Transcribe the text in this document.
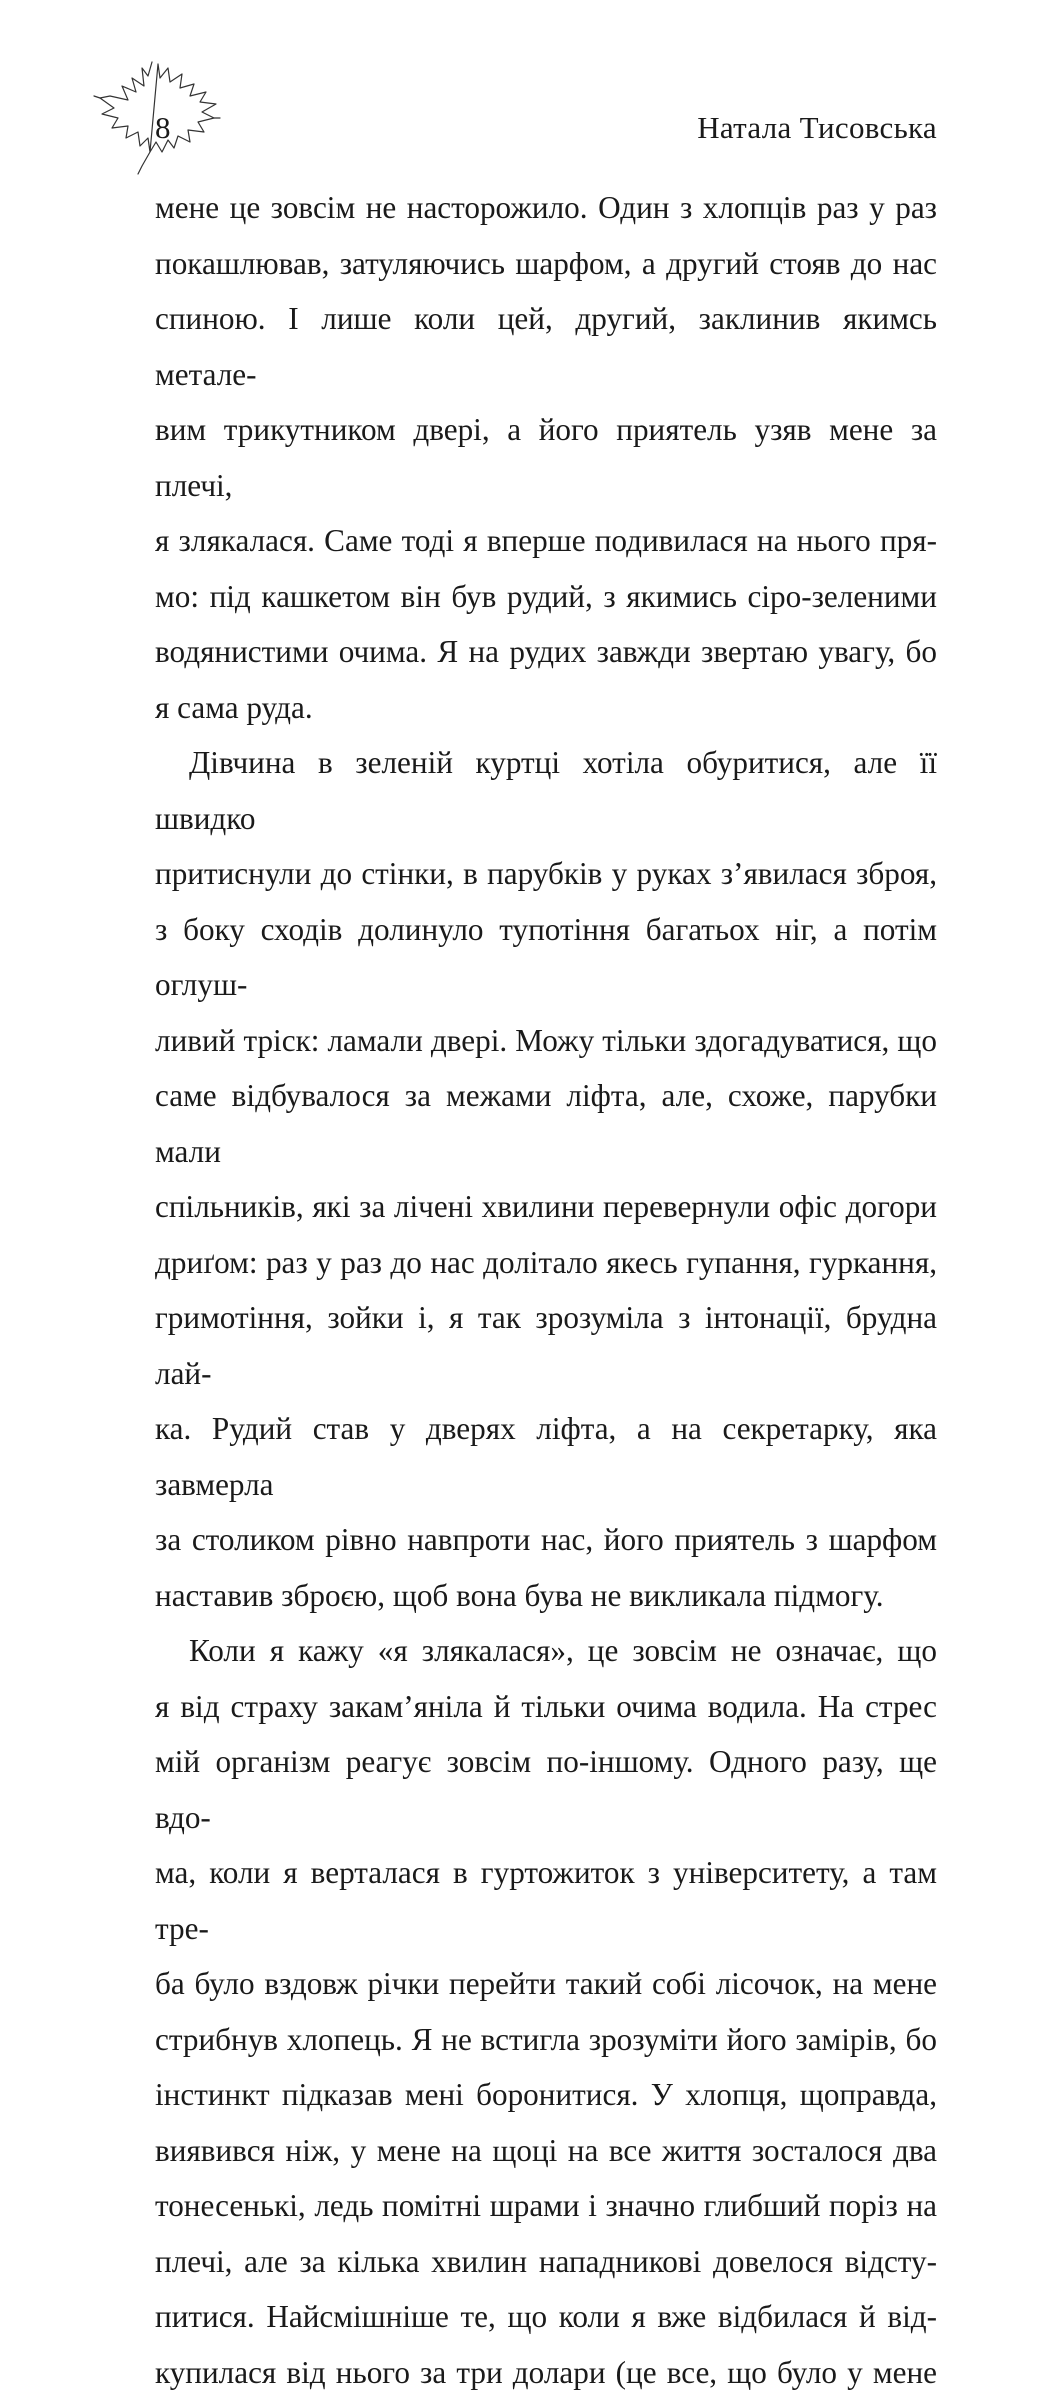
8	Натала Тисовська

мене це зовсім не насторожило. Один з хлопців раз у раз
покашлював, затуляючись шарфом, а другий стояв до нас
спиною. І лише коли цей, другий, заклинив якимсь метале-
вим трикутником двері, а його приятель узяв мене за плечі,
я злякалася. Саме тоді я вперше подивилася на нього пря-
мо: під кашкетом він був рудий, з якимись сіро-зеленими
водянистими очима. Я на рудих завжди звертаю увагу, бо
я сама руда.

Дівчина в зеленій куртці хотіла обуритися, але її швидко
притиснули до стінки, в парубків у руках з’явилася зброя,
з боку сходів долинуло тупотіння багатьох ніг, а потім оглуш-
ливий тріск: ламали двері. Можу тільки здогадуватися, що
саме відбувалося за межами ліфта, але, схоже, парубки мали
спільників, які за лічені хвилини перевернули офіс догори
дриґом: раз у раз до нас долітало якесь гупання, гуркання,
гримотіння, зойки і, я так зрозуміла з інтонації, брудна лай-
ка. Рудий став у дверях ліфта, а на секретарку, яка завмерла
за столиком рівно навпроти нас, його приятель з шарфом
наставив зброєю, щоб вона бува не викликала підмогу.

Коли я кажу «я злякалася», це зовсім не означає, що
я від страху закам’яніла й тільки очима водила. На стрес
мій організм реагує зовсім по-іншому. Одного разу, ще вдо-
ма, коли я верталася в гуртожиток з університету, а там тре-
ба було вздовж річки перейти такий собі лісочок, на мене
стрибнув хлопець. Я не встигла зрозуміти його замірів, бо
інстинкт підказав мені боронитися. У хлопця, щоправда,
виявився ніж, у мене на щоці на все життя зосталося два
тонесенькі, ледь помітні шрами і значно глибший поріз на
плечі, але за кілька хвилин нападникові довелося відсту-
питися. Найсмішніше те, що коли я вже відбилася й від-
купилася від нього за три долари (це все, що було у мене
